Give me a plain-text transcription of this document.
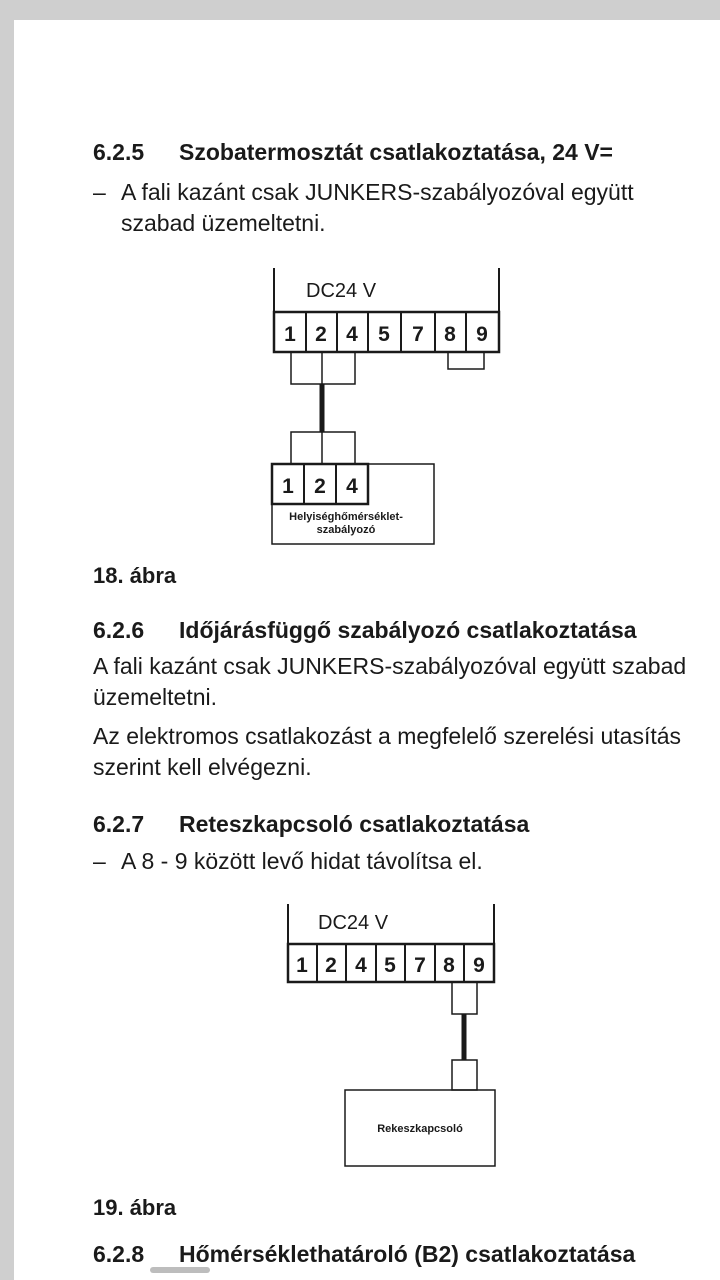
6.2.5 Szobatermosztát csatlakoztatása, 24 V=
– A fali kazánt csak JUNKERS-szabályozóval együtt szabad üzemeltetni.
DC24 V
1 2 4 5 7 8 9
1 2 4
Helyiséghőmérséklet-
szabályozó
DC24 V
1 2 4 5 7 8 9
Rekeszkapcsoló
18. ábra
6.2.6 Időjárásfüggő szabályozó csatlakoztatása
A fali kazánt csak JUNKERS-szabályozóval együtt szabad üzemeltetni.
Az elektromos csatlakozást a megfelelő szerelési utasítás szerint kell elvégezni.
6.2.7 Reteszkapcsoló csatlakoztatása
– A 8 - 9 között levő hidat távolítsa el.
19. ábra
6.2.8 Hőmérséklethatároló (B2) csatlakoztatása
